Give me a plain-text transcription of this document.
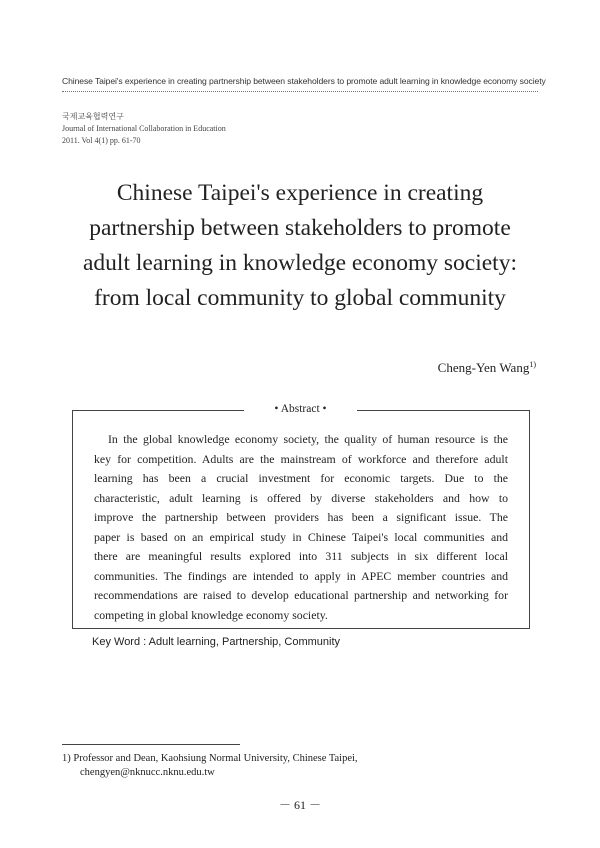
Chinese Taipei's experience in creating partnership between stakeholders to promote adult learning in knowledge economy society
국제교육협력연구
Journal of International Collaboration in Education
2011. Vol 4(1) pp. 61-70
Chinese Taipei's experience in creating
partnership between stakeholders to promote
adult learning in knowledge economy society:
from local community to global community
Cheng-Yen Wang$^{1)}$
• Abstract •
In the global knowledge economy society, the quality of human resource is the
key for competition. Adults are the mainstream of workforce and therefore adult
learning has been a crucial investment for economic targets. Due to the
characteristic, adult learning is offered by diverse stakeholders and how to
improve the partnership between providers has been a significant issue. The
paper is based on an empirical study in Chinese Taipei's local communities and
there are meaningful results explored into 311 subjects in six different local
communities. The findings are intended to apply in APEC member countries and
recommendations are raised to develop educational partnership and networking for
competing in global knowledge economy society.
Key Word : Adult learning, Partnership, Community
1) Professor and Dean, Kaohsiung Normal University, Chinese Taipei,
chengyen@nknucc.nknu.edu.tw
－ 61 －
